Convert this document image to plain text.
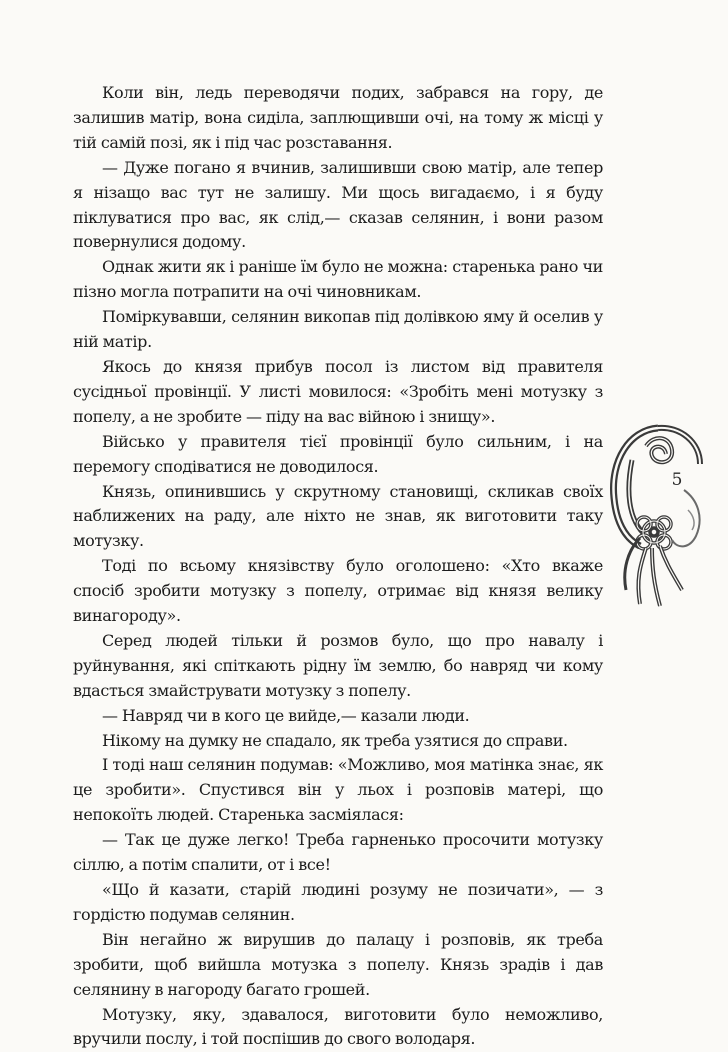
Коли він, ледь переводячи подих, забрався на гору, де залишив матір, вона сиділа, заплющивши очі, на тому ж місці у тій самій позі, як і під час розставання.

— Дуже погано я вчинив, залишивши свою матір, але тепер я нізащо вас тут не залишу. Ми щось вигадаємо, і я буду піклуватися про вас, як слід,— сказав селянин, і вони разом повернулися додому.

Однак жити як і раніше їм було не можна: старенька рано чи пізно могла потрапити на очі чиновникам.

Поміркувавши, селянин викопав під долівкою яму й оселив у ній матір.

Якось до князя прибув посол із листом від правителя сусідньої провінції. У листі мовилося: «Зробіть мені мотузку з попелу, а не зробите — піду на вас війною і знищу».

Військо у правителя тієї провінції було сильним, і на перемогу сподіватися не доводилося.

Князь, опинившись у скрутному становищі, скликав своїх наближених на раду, але ніхто не знав, як виготовити таку мотузку.

Тоді по всьому князівству було оголошено: «Хто вкаже спосіб зробити мотузку з попелу, отримає від князя велику винагороду».

Серед людей тільки й розмов було, що про навалу і руйнування, які спіткають рідну їм землю, бо навряд чи кому вдасться змайструвати мотузку з попелу.

— Навряд чи в кого це вийде,— казали люди.

Нікому на думку не спадало, як треба узятися до справи.

І тоді наш селянин подумав: «Можливо, моя матінка знає, як це зробити». Спустився він у льох і розповів матері, що непокоїть людей. Старенька засміялася:

— Так це дуже легко! Треба гарненько просочити мотузку сіллю, а потім спалити, от і все!

«Що й казати, старій людині розуму не позичати», — з гордістю подумав селянин.

Він негайно ж вирушив до палацу і розповів, як треба зробити, щоб вийшла мотузка з попелу. Князь зрадів і дав селянину в нагороду багато грошей.

Мотузку, яку, здавалося, виготовити було неможливо, вручили послу, і той поспішив до свого володаря.

5
